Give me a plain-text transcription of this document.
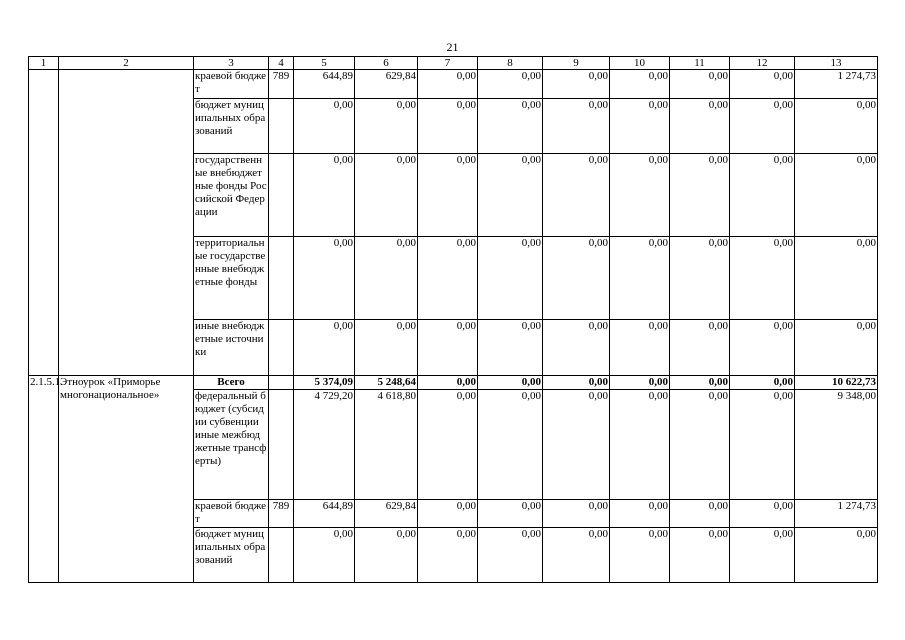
21
1	2	3	4	5	6	7	8	9	10	11	12	13
		краевой бюджет	789	644,89	629,84	0,00	0,00	0,00	0,00	0,00	0,00	1 274,73
		бюджет муниципальных образований		0,00	0,00	0,00	0,00	0,00	0,00	0,00	0,00	0,00
		государственные внебюджетные фонды Российской Федерации		0,00	0,00	0,00	0,00	0,00	0,00	0,00	0,00	0,00
		территориальные государственные внебюджетные фонды		0,00	0,00	0,00	0,00	0,00	0,00	0,00	0,00	0,00
		иные внебюджетные источники		0,00	0,00	0,00	0,00	0,00	0,00	0,00	0,00	0,00
2.1.5.1.	Этноурок «Приморье многонациональное»	Всего		5 374,09	5 248,64	0,00	0,00	0,00	0,00	0,00	0,00	10 622,73
		федеральный бюджет (субсидии субвенции иные межбюджетные трансферты)		4 729,20	4 618,80	0,00	0,00	0,00	0,00	0,00	0,00	9 348,00
		краевой бюджет	789	644,89	629,84	0,00	0,00	0,00	0,00	0,00	0,00	1 274,73
		бюджет муниципальных образований		0,00	0,00	0,00	0,00	0,00	0,00	0,00	0,00	0,00
